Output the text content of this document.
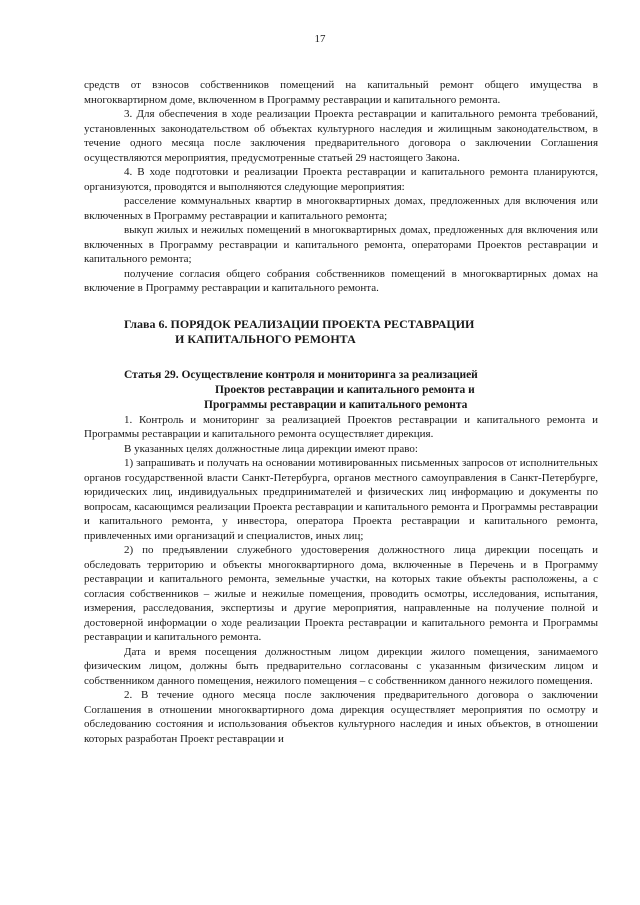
17

средств от взносов собственников помещений на капитальный ремонт общего имущества в многоквартирном доме, включенном в Программу реставрации и капитального ремонта.

3. Для обеспечения в ходе реализации Проекта реставрации и капитального ремонта требований, установленных законодательством об объектах культурного наследия и жилищным законодательством, в течение одного месяца после заключения предварительного договора о заключении Соглашения осуществляются мероприятия, предусмотренные статьей 29 настоящего Закона.

4. В ходе подготовки и реализации Проекта реставрации и капитального ремонта планируются, организуются, проводятся и выполняются следующие мероприятия:

расселение коммунальных квартир в многоквартирных домах, предложенных для включения или включенных в Программу реставрации и капитального ремонта;

выкуп жилых и нежилых помещений в многоквартирных домах, предложенных для включения или включенных в Программу реставрации и капитального ремонта, операторами Проектов реставрации и капитального ремонта;

получение согласия общего собрания собственников помещений в многоквартирных домах на включение в Программу реставрации и капитального ремонта.

Глава 6. ПОРЯДОК РЕАЛИЗАЦИИ ПРОЕКТА РЕСТАВРАЦИИ
И КАПИТАЛЬНОГО РЕМОНТА

Статья 29. Осуществление контроля и мониторинга за реализацией
Проектов реставрации и капитального ремонта и
Программы реставрации и капитального ремонта

1. Контроль и мониторинг за реализацией Проектов реставрации и капитального ремонта и Программы реставрации и капитального ремонта осуществляет дирекция.

В указанных целях должностные лица дирекции имеют право:

1) запрашивать и получать на основании мотивированных письменных запросов от исполнительных органов государственной власти Санкт-Петербурга, органов местного самоуправления в Санкт-Петербурге, юридических лиц, индивидуальных предпринимателей и физических лиц информацию и документы по вопросам, касающимся реализации Проекта реставрации и капитального ремонта и Программы реставрации и капитального ремонта, у инвестора, оператора Проекта реставрации и капитального ремонта, привлеченных ими организаций и специалистов, иных лиц;

2) по предъявлении служебного удостоверения должностного лица дирекции посещать и обследовать территорию и объекты многоквартирного дома, включенные в Перечень и в Программу реставрации и капитального ремонта, земельные участки, на которых такие объекты расположены, а с согласия собственников – жилые и нежилые помещения, проводить осмотры, исследования, испытания, измерения, расследования, экспертизы и другие мероприятия, направленные на получение полной и достоверной информации о ходе реализации Проекта реставрации и капитального ремонта и Программы реставрации и капитального ремонта.

Дата и время посещения должностным лицом дирекции жилого помещения, занимаемого физическим лицом, должны быть предварительно согласованы с указанным физическим лицом и собственником данного помещения, нежилого помещения – с собственником данного нежилого помещения.

2. В течение одного месяца после заключения предварительного договора о заключении Соглашения в отношении многоквартирного дома дирекция осуществляет мероприятия по осмотру и обследованию состояния и использования объектов культурного наследия и иных объектов, в отношении которых разработан Проект реставрации и
